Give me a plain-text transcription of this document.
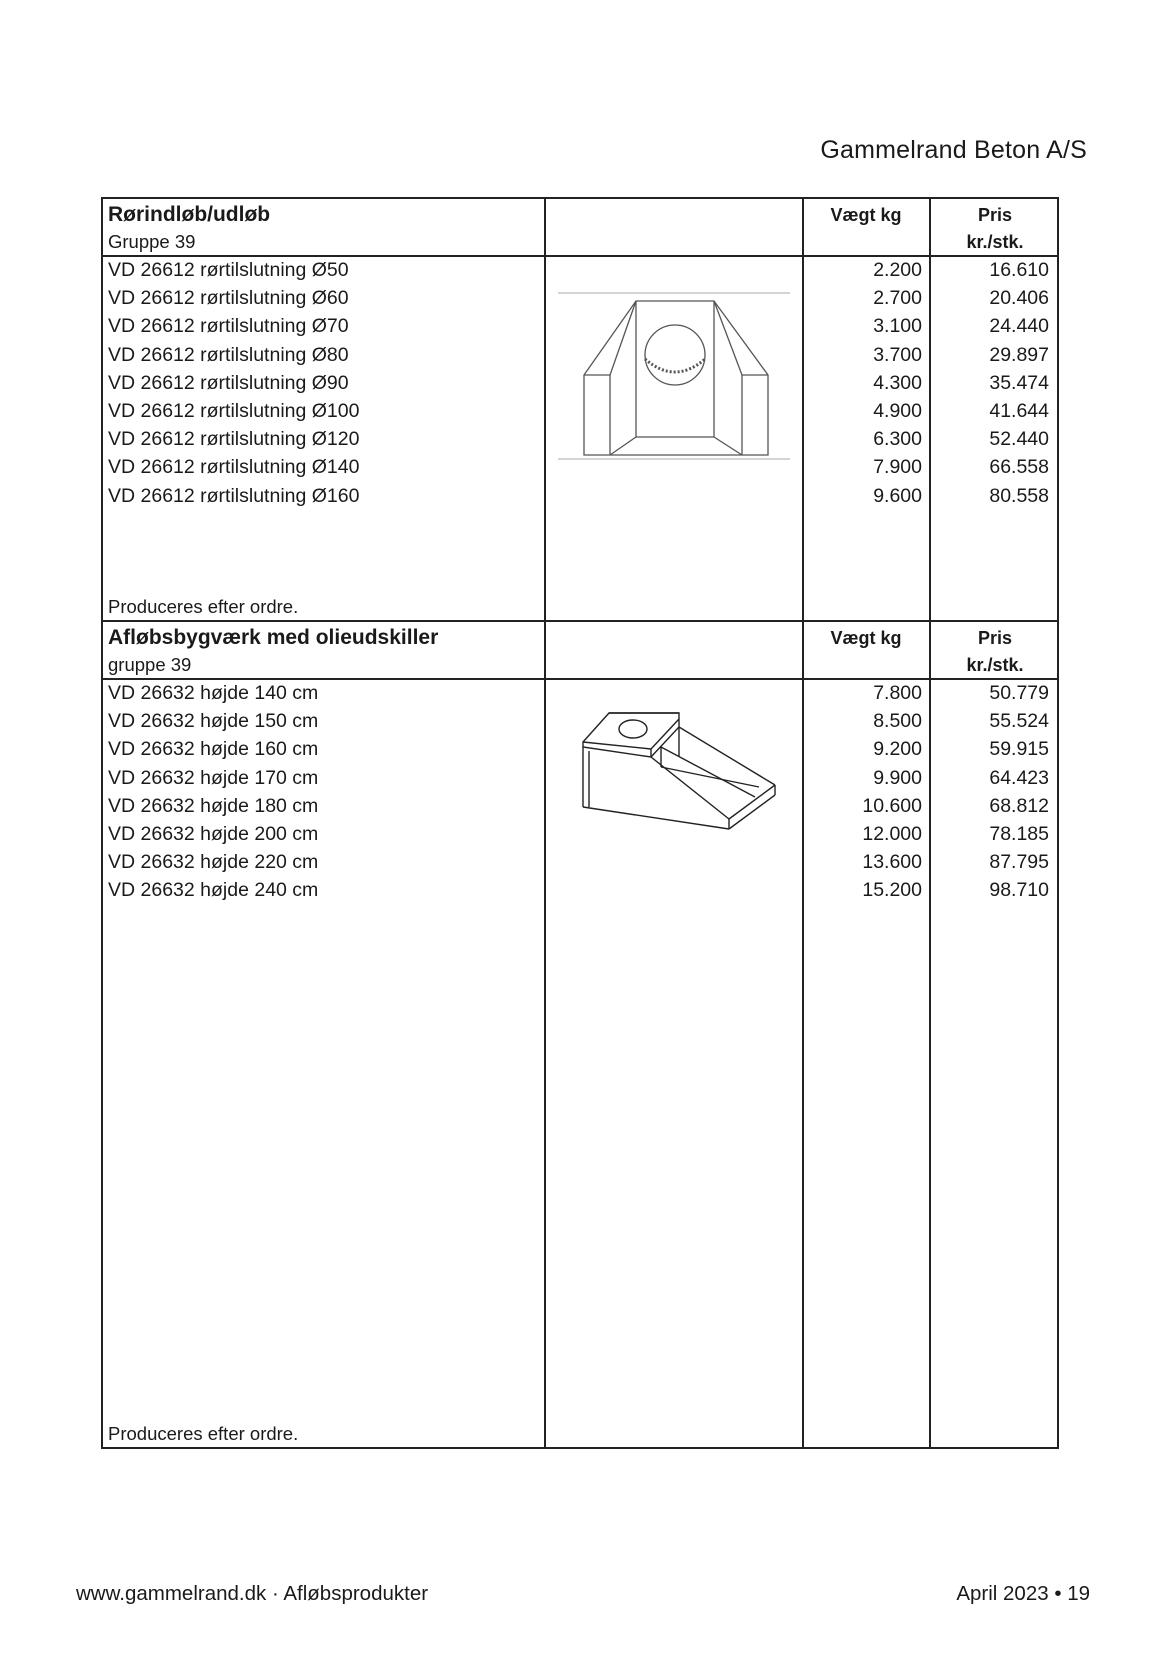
Gammelrand Beton A/S
Rørindløb/udløb
Gruppe 39
Vægt kg	Pris
kr./stk.
VD 26612 rørtilslutning Ø50	2.200	16.610
VD 26612 rørtilslutning Ø60	2.700	20.406
VD 26612 rørtilslutning Ø70	3.100	24.440
VD 26612 rørtilslutning Ø80	3.700	29.897
VD 26612 rørtilslutning Ø90	4.300	35.474
VD 26612 rørtilslutning Ø100	4.900	41.644
VD 26612 rørtilslutning Ø120	6.300	52.440
VD 26612 rørtilslutning Ø140	7.900	66.558
VD 26612 rørtilslutning Ø160	9.600	80.558
Produceres efter ordre.
Afløbsbygværk med olieudskiller
gruppe 39
Vægt kg	Pris
kr./stk.
VD 26632 højde 140 cm	7.800	50.779
VD 26632 højde 150 cm	8.500	55.524
VD 26632 højde 160 cm	9.200	59.915
VD 26632 højde 170 cm	9.900	64.423
VD 26632 højde 180 cm	10.600	68.812
VD 26632 højde 200 cm	12.000	78.185
VD 26632 højde 220 cm	13.600	87.795
VD 26632 højde 240 cm	15.200	98.710
Produceres efter ordre.
www.gammelrand.dk · Afløbsprodukter	April 2023 • 19
